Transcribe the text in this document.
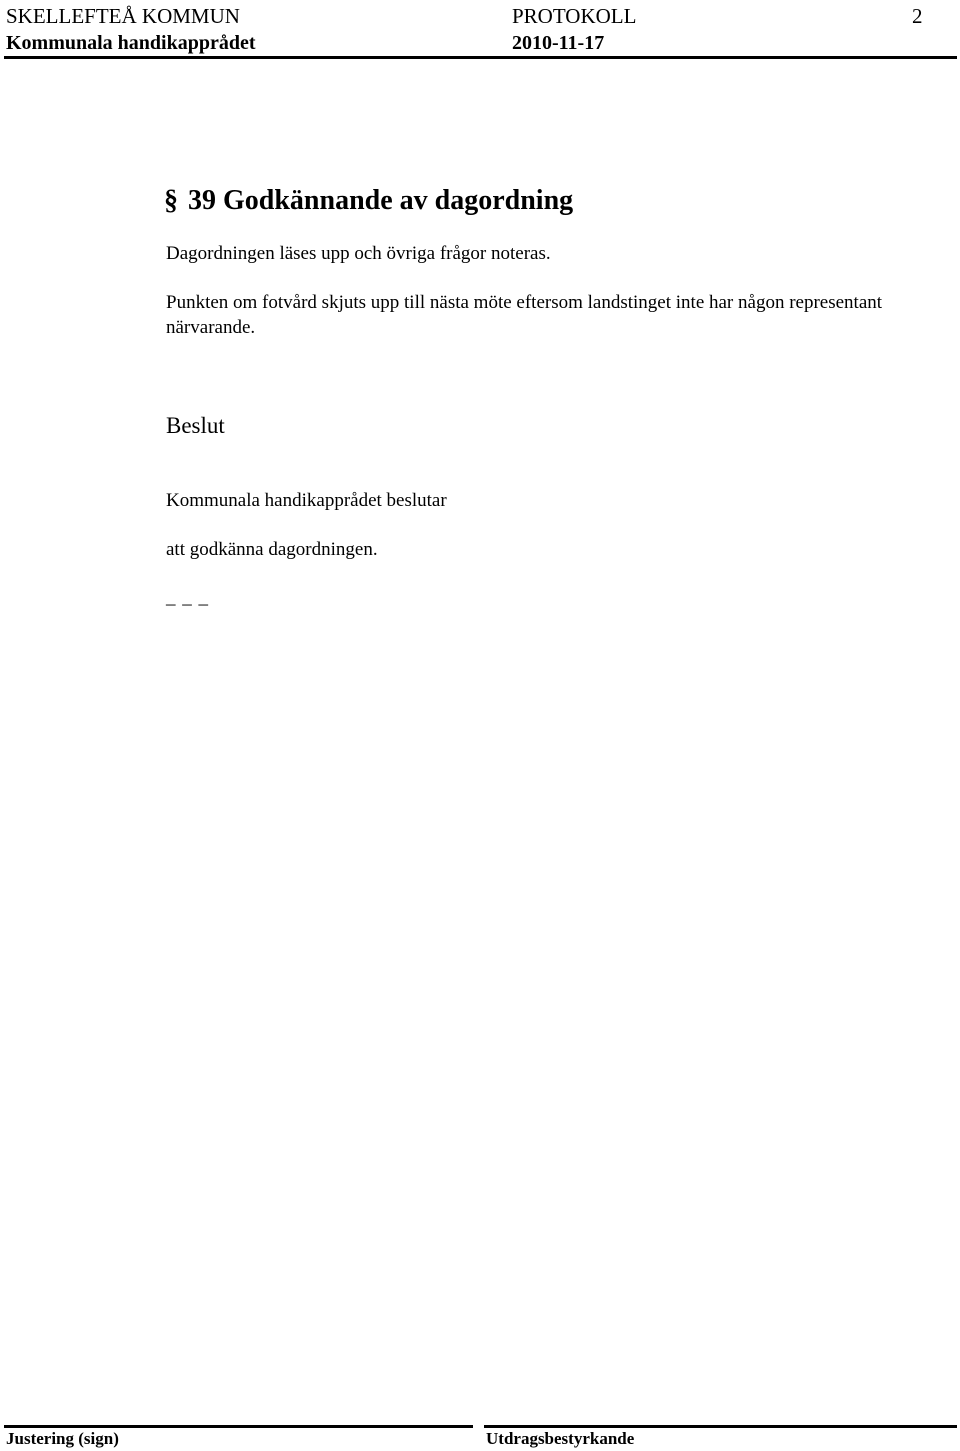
SKELLEFTEÅ KOMMUN	PROTOKOLL	2
Kommunala handikapprådet	2010-11-17
§ 39 Godkännande av dagordning
Dagordningen läses upp och övriga frågor noteras.
Punkten om fotvård skjuts upp till nästa möte eftersom landstinget inte har någon representant närvarande.
Beslut
Kommunala handikapprådet beslutar
att godkänna dagordningen.
_ _ _
Justering (sign)	Utdragsbestyrkande
